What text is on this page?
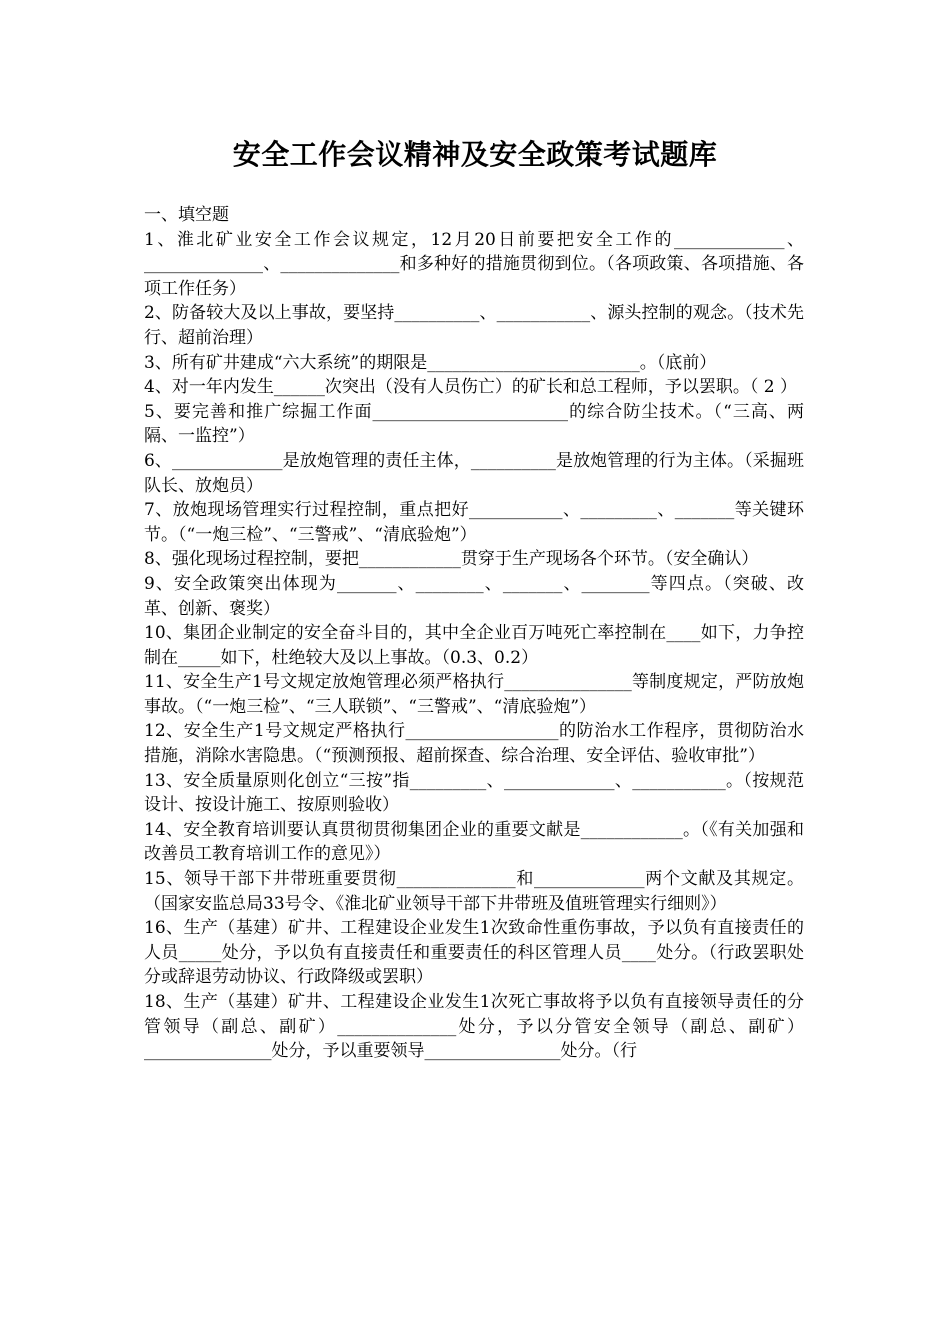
安全工作会议精神及安全政策考试题库

一、填空题

1、淮北矿业安全工作会议规定，12月20日前要把安全工作的_____________、______________、______________和多种好的措施贯彻到位。（各项政策、各项措施、各项工作任务）

2、防备较大及以上事故，要坚持__________、___________、源头控制的观念。（技术先行、超前治理）

3、所有矿井建成“六大系统”的期限是_________________________。（底前）

4、对一年内发生______次突出（没有人员伤亡）的矿长和总工程师，予以罢职。（ 2 ）

5、要完善和推广综掘工作面_______________________的综合防尘技术。（“三高、两隔、一监控”）

6、_____________是放炮管理的责任主体，__________是放炮管理的行为主体。（采掘班队长、放炮员）

7、放炮现场管理实行过程控制，重点把好___________、_________、_______等关键环节。（“一炮三检”、“三警戒”、“清底验炮”）

8、强化现场过程控制，要把____________贯穿于生产现场各个环节。（安全确认）

9、安全政策突出体现为_______、________、_______、________等四点。（突破、改革、创新、褒奖）

10、集团企业制定的安全奋斗目的，其中全企业百万吨死亡率控制在____如下，力争控制在_____如下，杜绝较大及以上事故。（0.3、0.2）

11、安全生产1号文规定放炮管理必须严格执行_______________等制度规定，严防放炮事故。（“一炮三检”、“三人联锁”、“三警戒”、“清底验炮”）

12、安全生产1号文规定严格执行__________________的防治水工作程序，贯彻防治水措施，消除水害隐患。（“预测预报、超前探查、综合治理、安全评估、验收审批”）

13、安全质量原则化创立“三按”指_________、_____________、___________。（按规范设计、按设计施工、按原则验收）

14、安全教育培训要认真贯彻贯彻集团企业的重要文献是____________。（《有关加强和改善员工教育培训工作的意见》）

15、领导干部下井带班重要贯彻______________和_____________两个文献及其规定。（国家安监总局33号令、《淮北矿业领导干部下井带班及值班管理实行细则》）

16、生产（基建）矿井、工程建设企业发生1次致命性重伤事故，予以负有直接责任的人员_____处分，予以负有直接责任和重要责任的科区管理人员____处分。（行政罢职处分或辞退劳动协议、行政降级或罢职）

18、生产（基建）矿井、工程建设企业发生1次死亡事故将予以负有直接领导责任的分管领导（副总、副矿）______________处分，予以分管安全领导（副总、副矿）_______________处分，予以重要领导________________处分。（行
